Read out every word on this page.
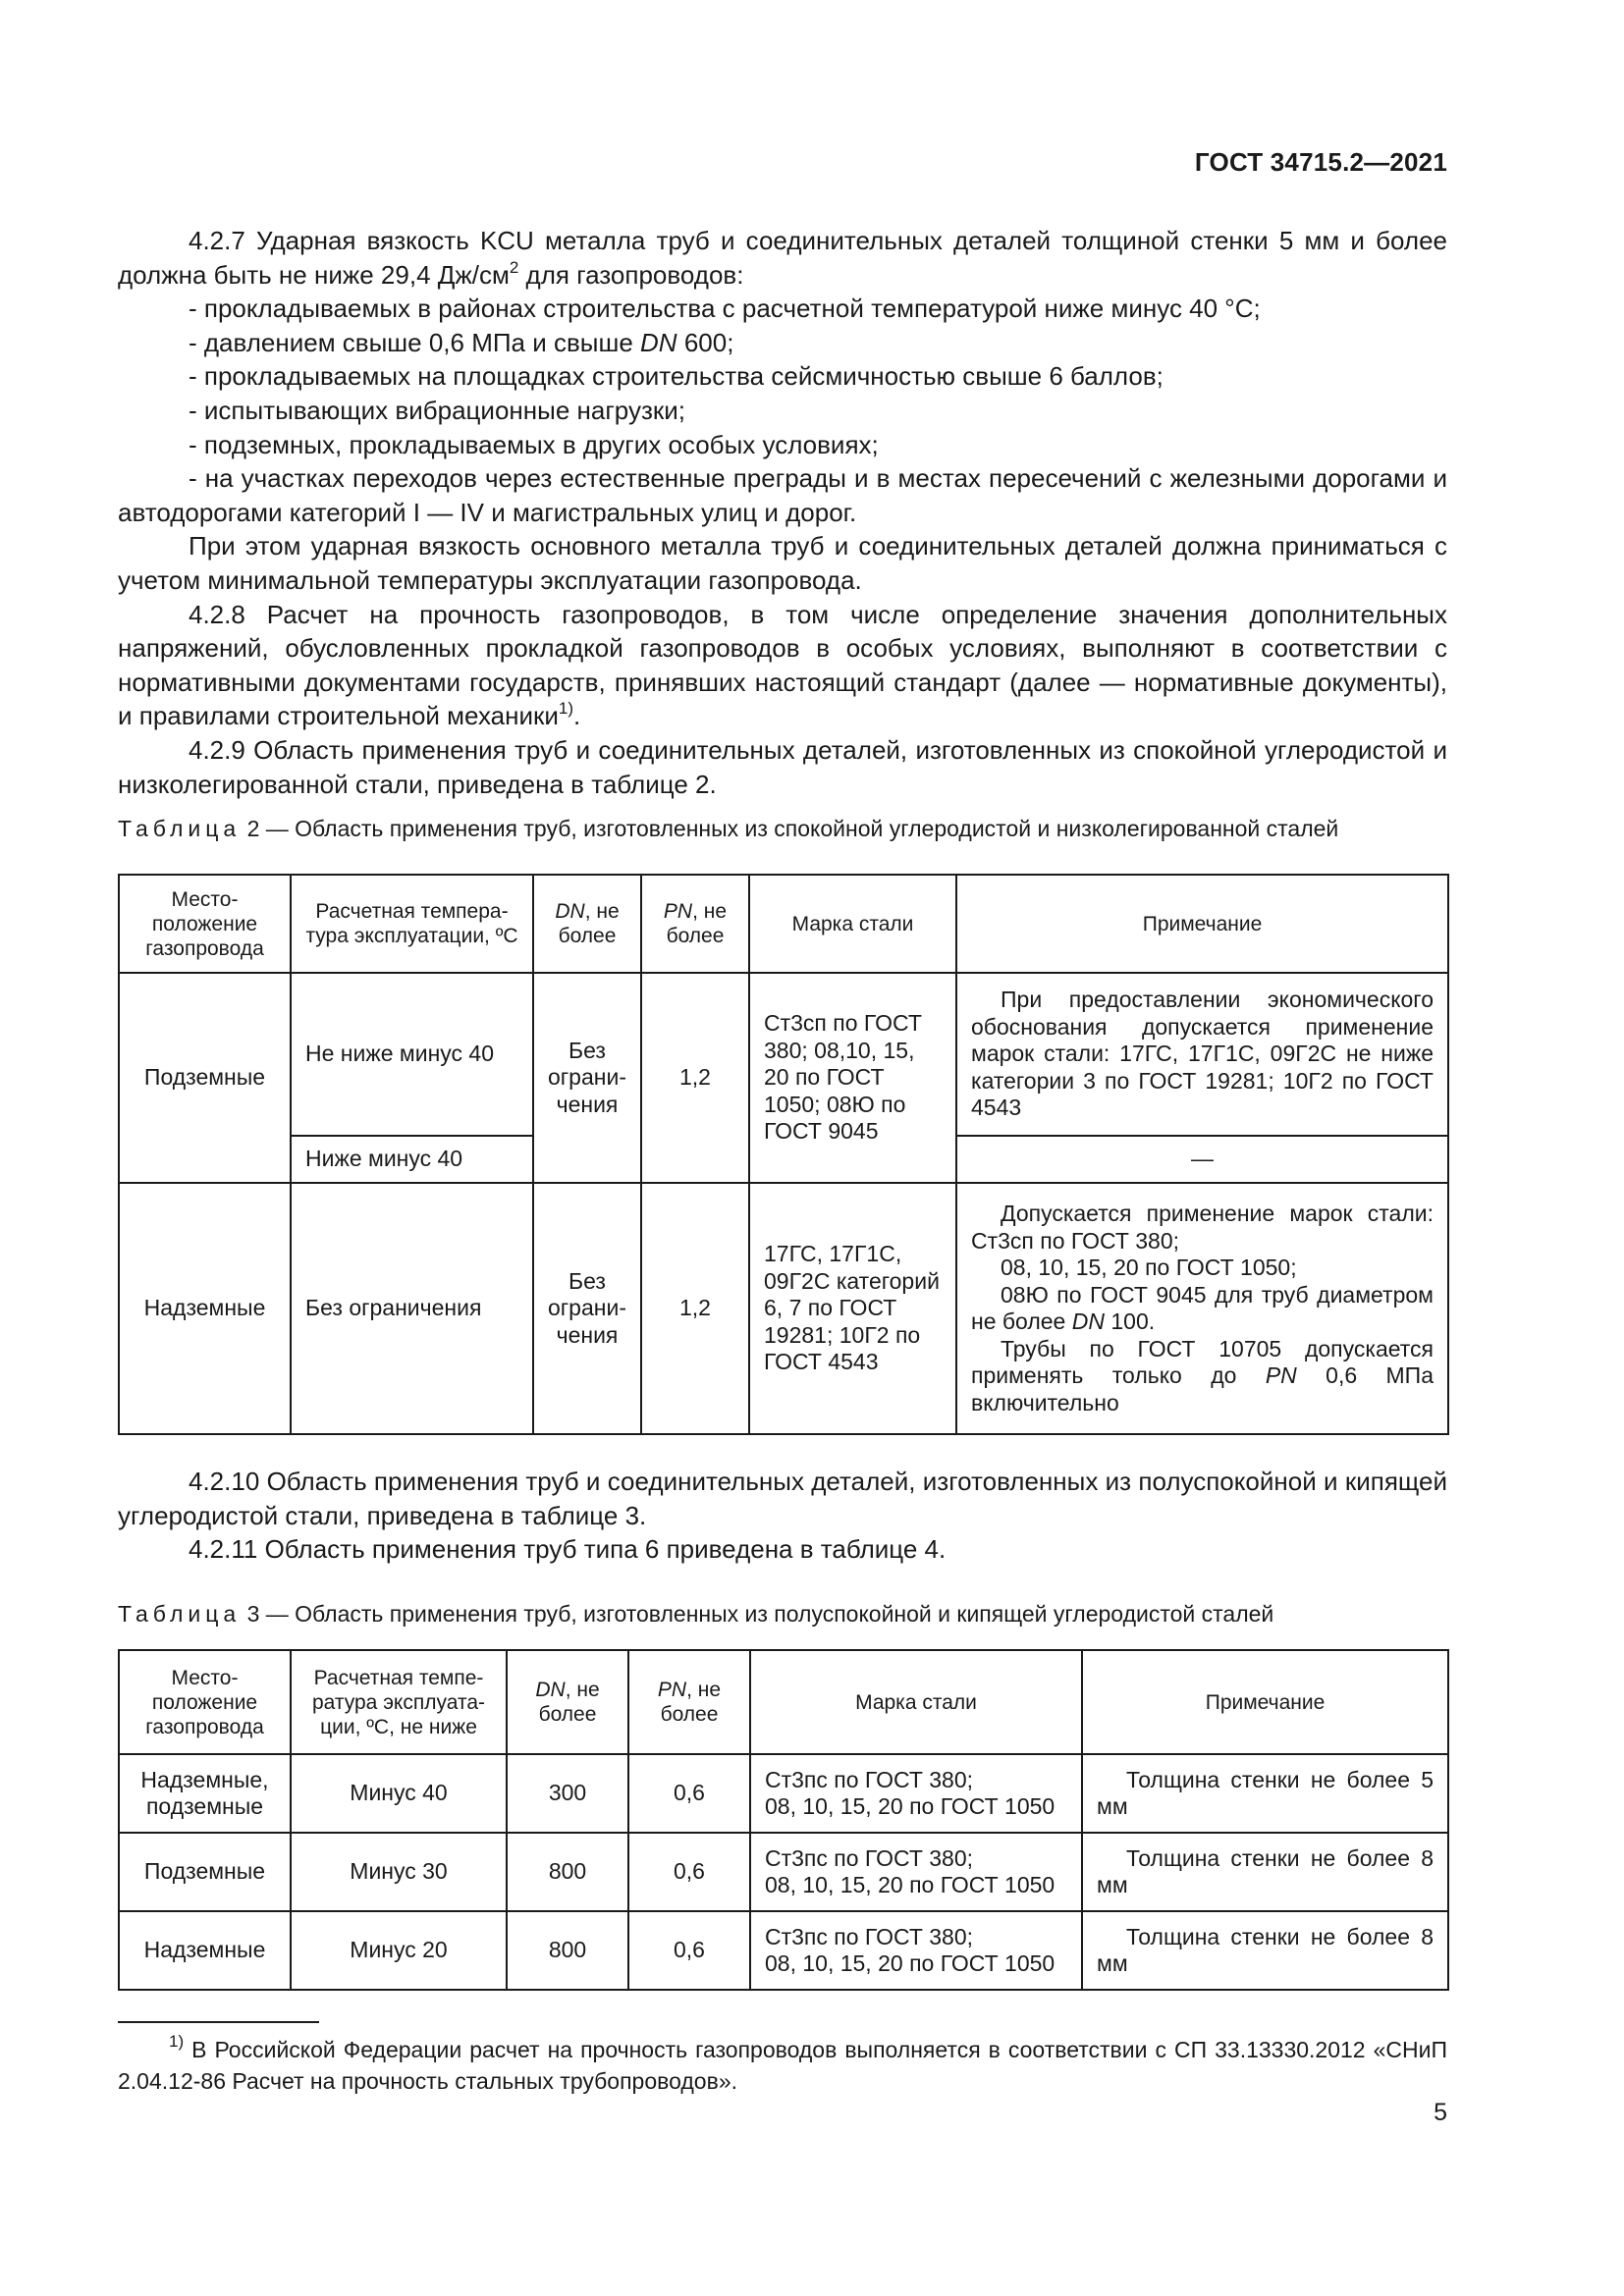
ГОСТ 34715.2—2021

4.2.7 Ударная вязкость KCU металла труб и соединительных деталей толщиной стенки 5 мм и более должна быть не ниже 29,4 $Дж/см^2$ для газопроводов:

- прокладываемых в районах строительства с расчетной температурой ниже минус 40 °С;

- давлением свыше 0,6 МПа и свыше DN 600;

- прокладываемых на площадках строительства сейсмичностью свыше 6 баллов;

- испытывающих вибрационные нагрузки;

- подземных, прокладываемых в других особых условиях;

- на участках переходов через естественные преграды и в местах пересечений с железными дорогами и автодорогами категорий I — IV и магистральных улиц и дорог.

При этом ударная вязкость основного металла труб и соединительных деталей должна приниматься с учетом минимальной температуры эксплуатации газопровода.

4.2.8 Расчет на прочность газопроводов, в том числе определение значения дополнительных напряжений, обусловленных прокладкой газопроводов в особых условиях, выполняют в соответствии с нормативными документами государств, принявших настоящий стандарт (далее — нормативные документы), и правилами строительной механики$^{1)}$.

4.2.9 Область применения труб и соединительных деталей, изготовленных из спокойной углеродистой и низколегированной стали, приведена в таблице 2.

Таблица 2 — Область применения труб, изготовленных из спокойной углеродистой и низколегированной сталей
Место-положение газопровода	Расчетная темпера-тура эксплуатации, ºС	DN, не более	PN, не более	Марка стали	Примечание
Подземные	Не ниже минус 40	Без ограни-чения	1,2	Ст3сп по ГОСТ 380; 08,10, 15, 20 по ГОСТ 1050; 08Ю по ГОСТ 9045	При предоставлении экономического обоснования допускается применение марок стали: 17ГС, 17Г1С, 09Г2С не ниже категории 3 по ГОСТ 19281; 10Г2 по ГОСТ 4543
	Ниже минус 40				—
Надземные	Без ограничения	Без ограни-чения	1,2	17ГС, 17Г1С, 09Г2С категорий 6, 7 по ГОСТ 19281; 10Г2 по ГОСТ 4543	Допускается применение марок стали: Ст3сп по ГОСТ 380;
08, 10, 15, 20 по ГОСТ 1050;
08Ю по ГОСТ 9045 для труб диаметром не более DN 100.
Трубы по ГОСТ 10705 допускается применять только до PN 0,6 МПа включительно

4.2.10 Область применения труб и соединительных деталей, изготовленных из полуспокойной и кипящей углеродистой стали, приведена в таблице 3.

4.2.11 Область применения труб типа 6 приведена в таблице 4.

Таблица 3 — Область применения труб, изготовленных из полуспокойной и кипящей углеродистой сталей
Место-положение газопровода	Расчетная темпе-ратура эксплуата-ции, ºС, не ниже	DN, не более	PN, не более	Марка стали	Примечание
Надземные, подземные	Минус 40	300	0,6	Ст3пс по ГОСТ 380;
08, 10, 15, 20 по ГОСТ 1050	Толщина стенки не более 5 мм
Подземные	Минус 30	800	0,6	Ст3пс по ГОСТ 380;
08, 10, 15, 20 по ГОСТ 1050	Толщина стенки не более 8 мм
Надземные	Минус 20	800	0,6	Ст3пс по ГОСТ 380;
08, 10, 15, 20 по ГОСТ 1050	Толщина стенки не более 8 мм
$^{1)}$ В Российской Федерации расчет на прочность газопроводов выполняется в соответствии с СП 33.13330.2012 «СНиП 2.04.12-86 Расчет на прочность стальных трубопроводов».
5
